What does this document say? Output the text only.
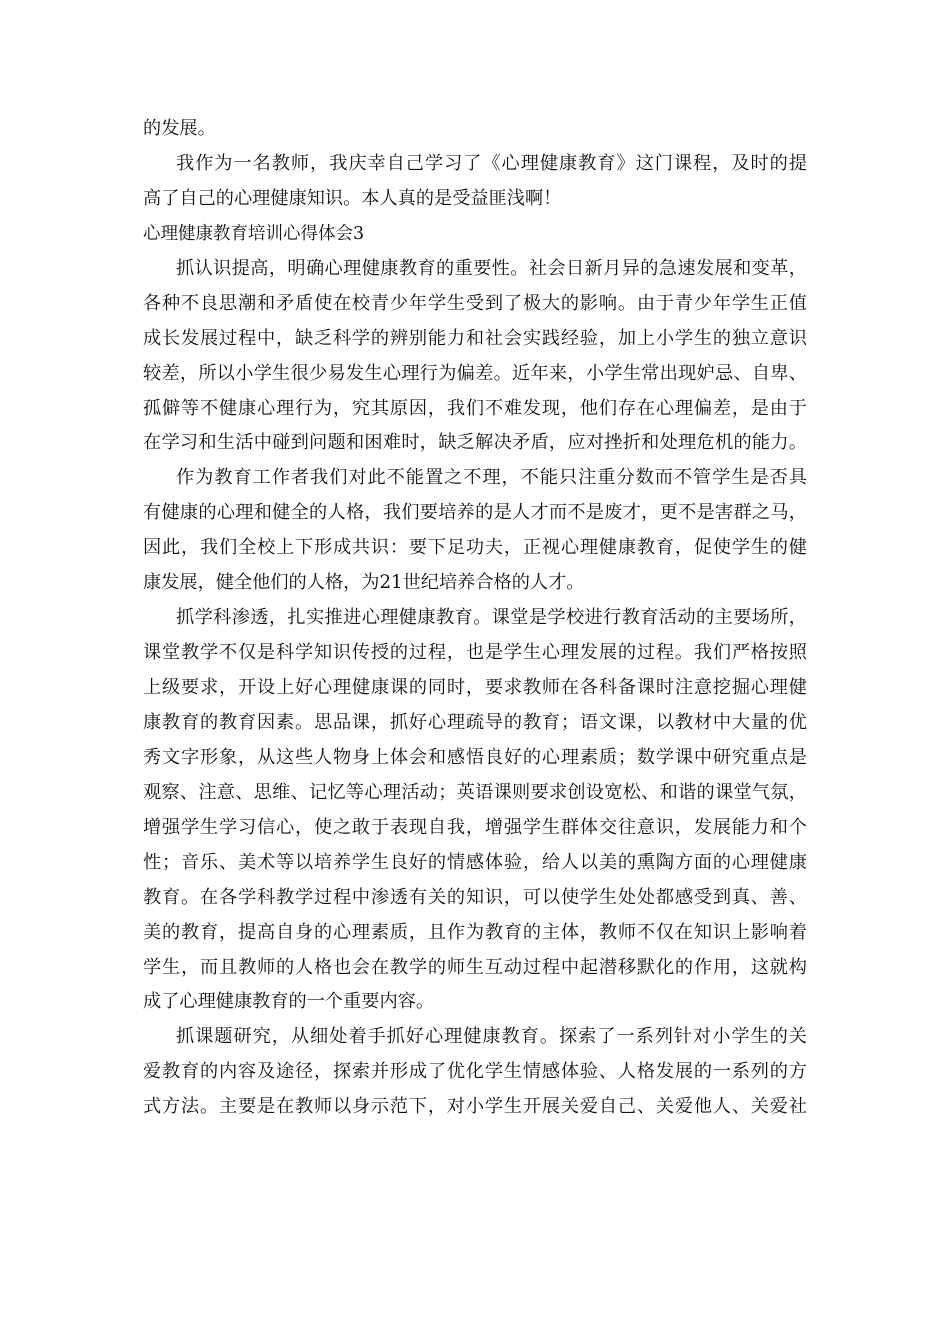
的发展。
我作为一名教师，我庆幸自己学习了《心理健康教育》这门课程，及时的提
高了自己的心理健康知识。本人真的是受益匪浅啊！
心理健康教育培训心得体会3
抓认识提高，明确心理健康教育的重要性。社会日新月异的急速发展和变革，
各种不良思潮和矛盾使在校青少年学生受到了极大的影响。由于青少年学生正值
成长发展过程中，缺乏科学的辨别能力和社会实践经验，加上小学生的独立意识
较差，所以小学生很少易发生心理行为偏差。近年来，小学生常出现妒忌、自卑、
孤僻等不健康心理行为，究其原因，我们不难发现，他们存在心理偏差，是由于
在学习和生活中碰到问题和困难时，缺乏解决矛盾，应对挫折和处理危机的能力。
作为教育工作者我们对此不能置之不理，不能只注重分数而不管学生是否具
有健康的心理和健全的人格，我们要培养的是人才而不是废才，更不是害群之马，
因此，我们全校上下形成共识：要下足功夫，正视心理健康教育，促使学生的健
康发展，健全他们的人格，为21世纪培养合格的人才。
抓学科渗透，扎实推进心理健康教育。课堂是学校进行教育活动的主要场所，
课堂教学不仅是科学知识传授的过程，也是学生心理发展的过程。我们严格按照
上级要求，开设上好心理健康课的同时，要求教师在各科备课时注意挖掘心理健
康教育的教育因素。思品课，抓好心理疏导的教育；语文课，以教材中大量的优
秀文字形象，从这些人物身上体会和感悟良好的心理素质；数学课中研究重点是
观察、注意、思维、记忆等心理活动；英语课则要求创设宽松、和谐的课堂气氛，
增强学生学习信心，使之敢于表现自我，增强学生群体交往意识，发展能力和个
性；音乐、美术等以培养学生良好的情感体验，给人以美的熏陶方面的心理健康
教育。在各学科教学过程中渗透有关的知识，可以使学生处处都感受到真、善、
美的教育，提高自身的心理素质，且作为教育的主体，教师不仅在知识上影响着
学生，而且教师的人格也会在教学的师生互动过程中起潜移默化的作用，这就构
成了心理健康教育的一个重要内容。
抓课题研究，从细处着手抓好心理健康教育。探索了一系列针对小学生的关
爱教育的内容及途径，探索并形成了优化学生情感体验、人格发展的一系列的方
式方法。主要是在教师以身示范下，对小学生开展关爱自己、关爱他人、关爱社
